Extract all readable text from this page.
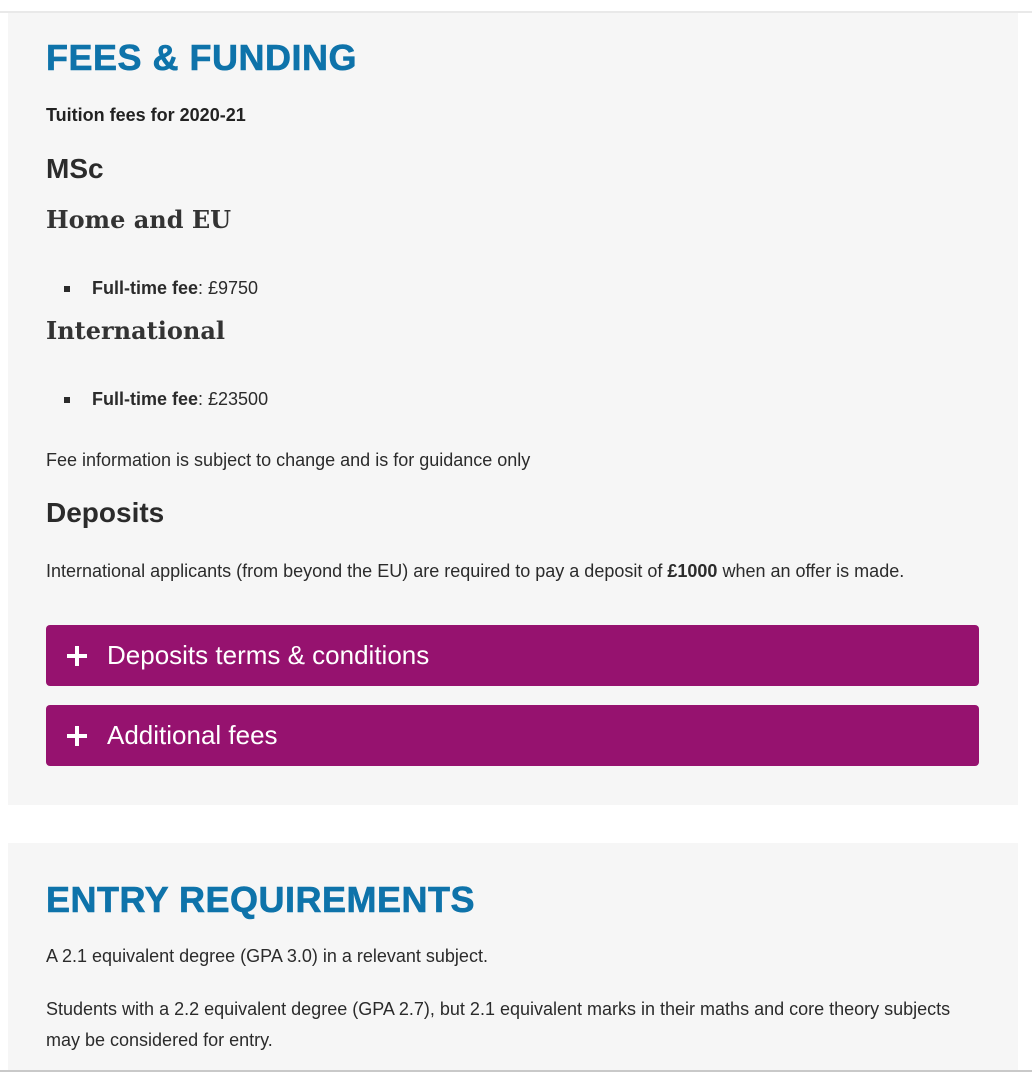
FEES & FUNDING
Tuition fees for 2020-21
MSc
Home and EU
Full-time fee : £9750
International
Full-time fee : £23500
Fee information is subject to change and is for guidance only
Deposits
International applicants (from beyond the EU) are required to pay a deposit of £1000 when an offer is made.
Deposits terms & conditions
Additional fees
ENTRY REQUIREMENTS
A 2.1 equivalent degree (GPA 3.0) in a relevant subject.
Students with a 2.2 equivalent degree (GPA 2.7), but 2.1 equivalent marks in their maths and core theory subjects may be considered for entry.
